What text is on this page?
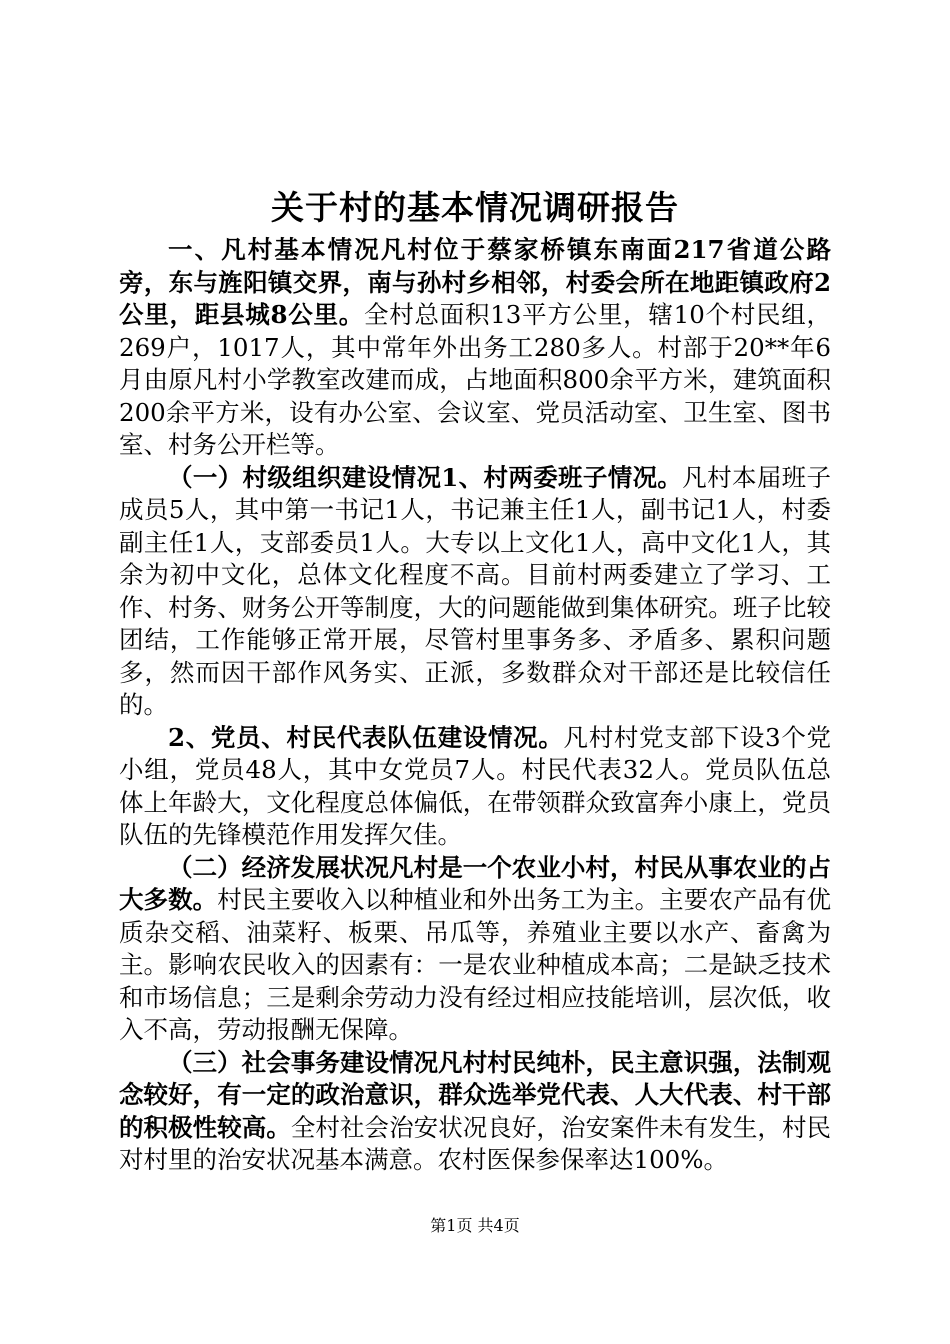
关于村的基本情况调研报告

一、凡村基本情况凡村位于蔡家桥镇东南面217省道公路旁，东与旌阳镇交界，南与孙村乡相邻，村委会所在地距镇政府2公里，距县城8公里。全村总面积13平方公里，辖10个村民组，269户，1017人，其中常年外出务工280多人。村部于20**年6月由原凡村小学教室改建而成，占地面积800余平方米，建筑面积200余平方米，设有办公室、会议室、党员活动室、卫生室、图书室、村务公开栏等。

（一）村级组织建设情况1、村两委班子情况。凡村本届班子成员5人，其中第一书记1人，书记兼主任1人，副书记1人，村委副主任1人，支部委员1人。大专以上文化1人，高中文化1人，其余为初中文化，总体文化程度不高。目前村两委建立了学习、工作、村务、财务公开等制度，大的问题能做到集体研究。班子比较团结，工作能够正常开展，尽管村里事务多、矛盾多、累积问题多，然而因干部作风务实、正派，多数群众对干部还是比较信任的。

2、党员、村民代表队伍建设情况。凡村村党支部下设3个党小组，党员48人，其中女党员7人。村民代表32人。党员队伍总体上年龄大，文化程度总体偏低，在带领群众致富奔小康上，党员队伍的先锋模范作用发挥欠佳。

（二）经济发展状况凡村是一个农业小村，村民从事农业的占大多数。村民主要收入以种植业和外出务工为主。主要农产品有优质杂交稻、油菜籽、板栗、吊瓜等，养殖业主要以水产、畜禽为主。影响农民收入的因素有：一是农业种植成本高；二是缺乏技术和市场信息；三是剩余劳动力没有经过相应技能培训，层次低，收入不高，劳动报酬无保障。

（三）社会事务建设情况凡村村民纯朴，民主意识强，法制观念较好，有一定的政治意识，群众选举党代表、人大代表、村干部的积极性较高。全村社会治安状况良好，治安案件未有发生，村民对村里的治安状况基本满意。农村医保参保率达100%。

第1页 共4页
